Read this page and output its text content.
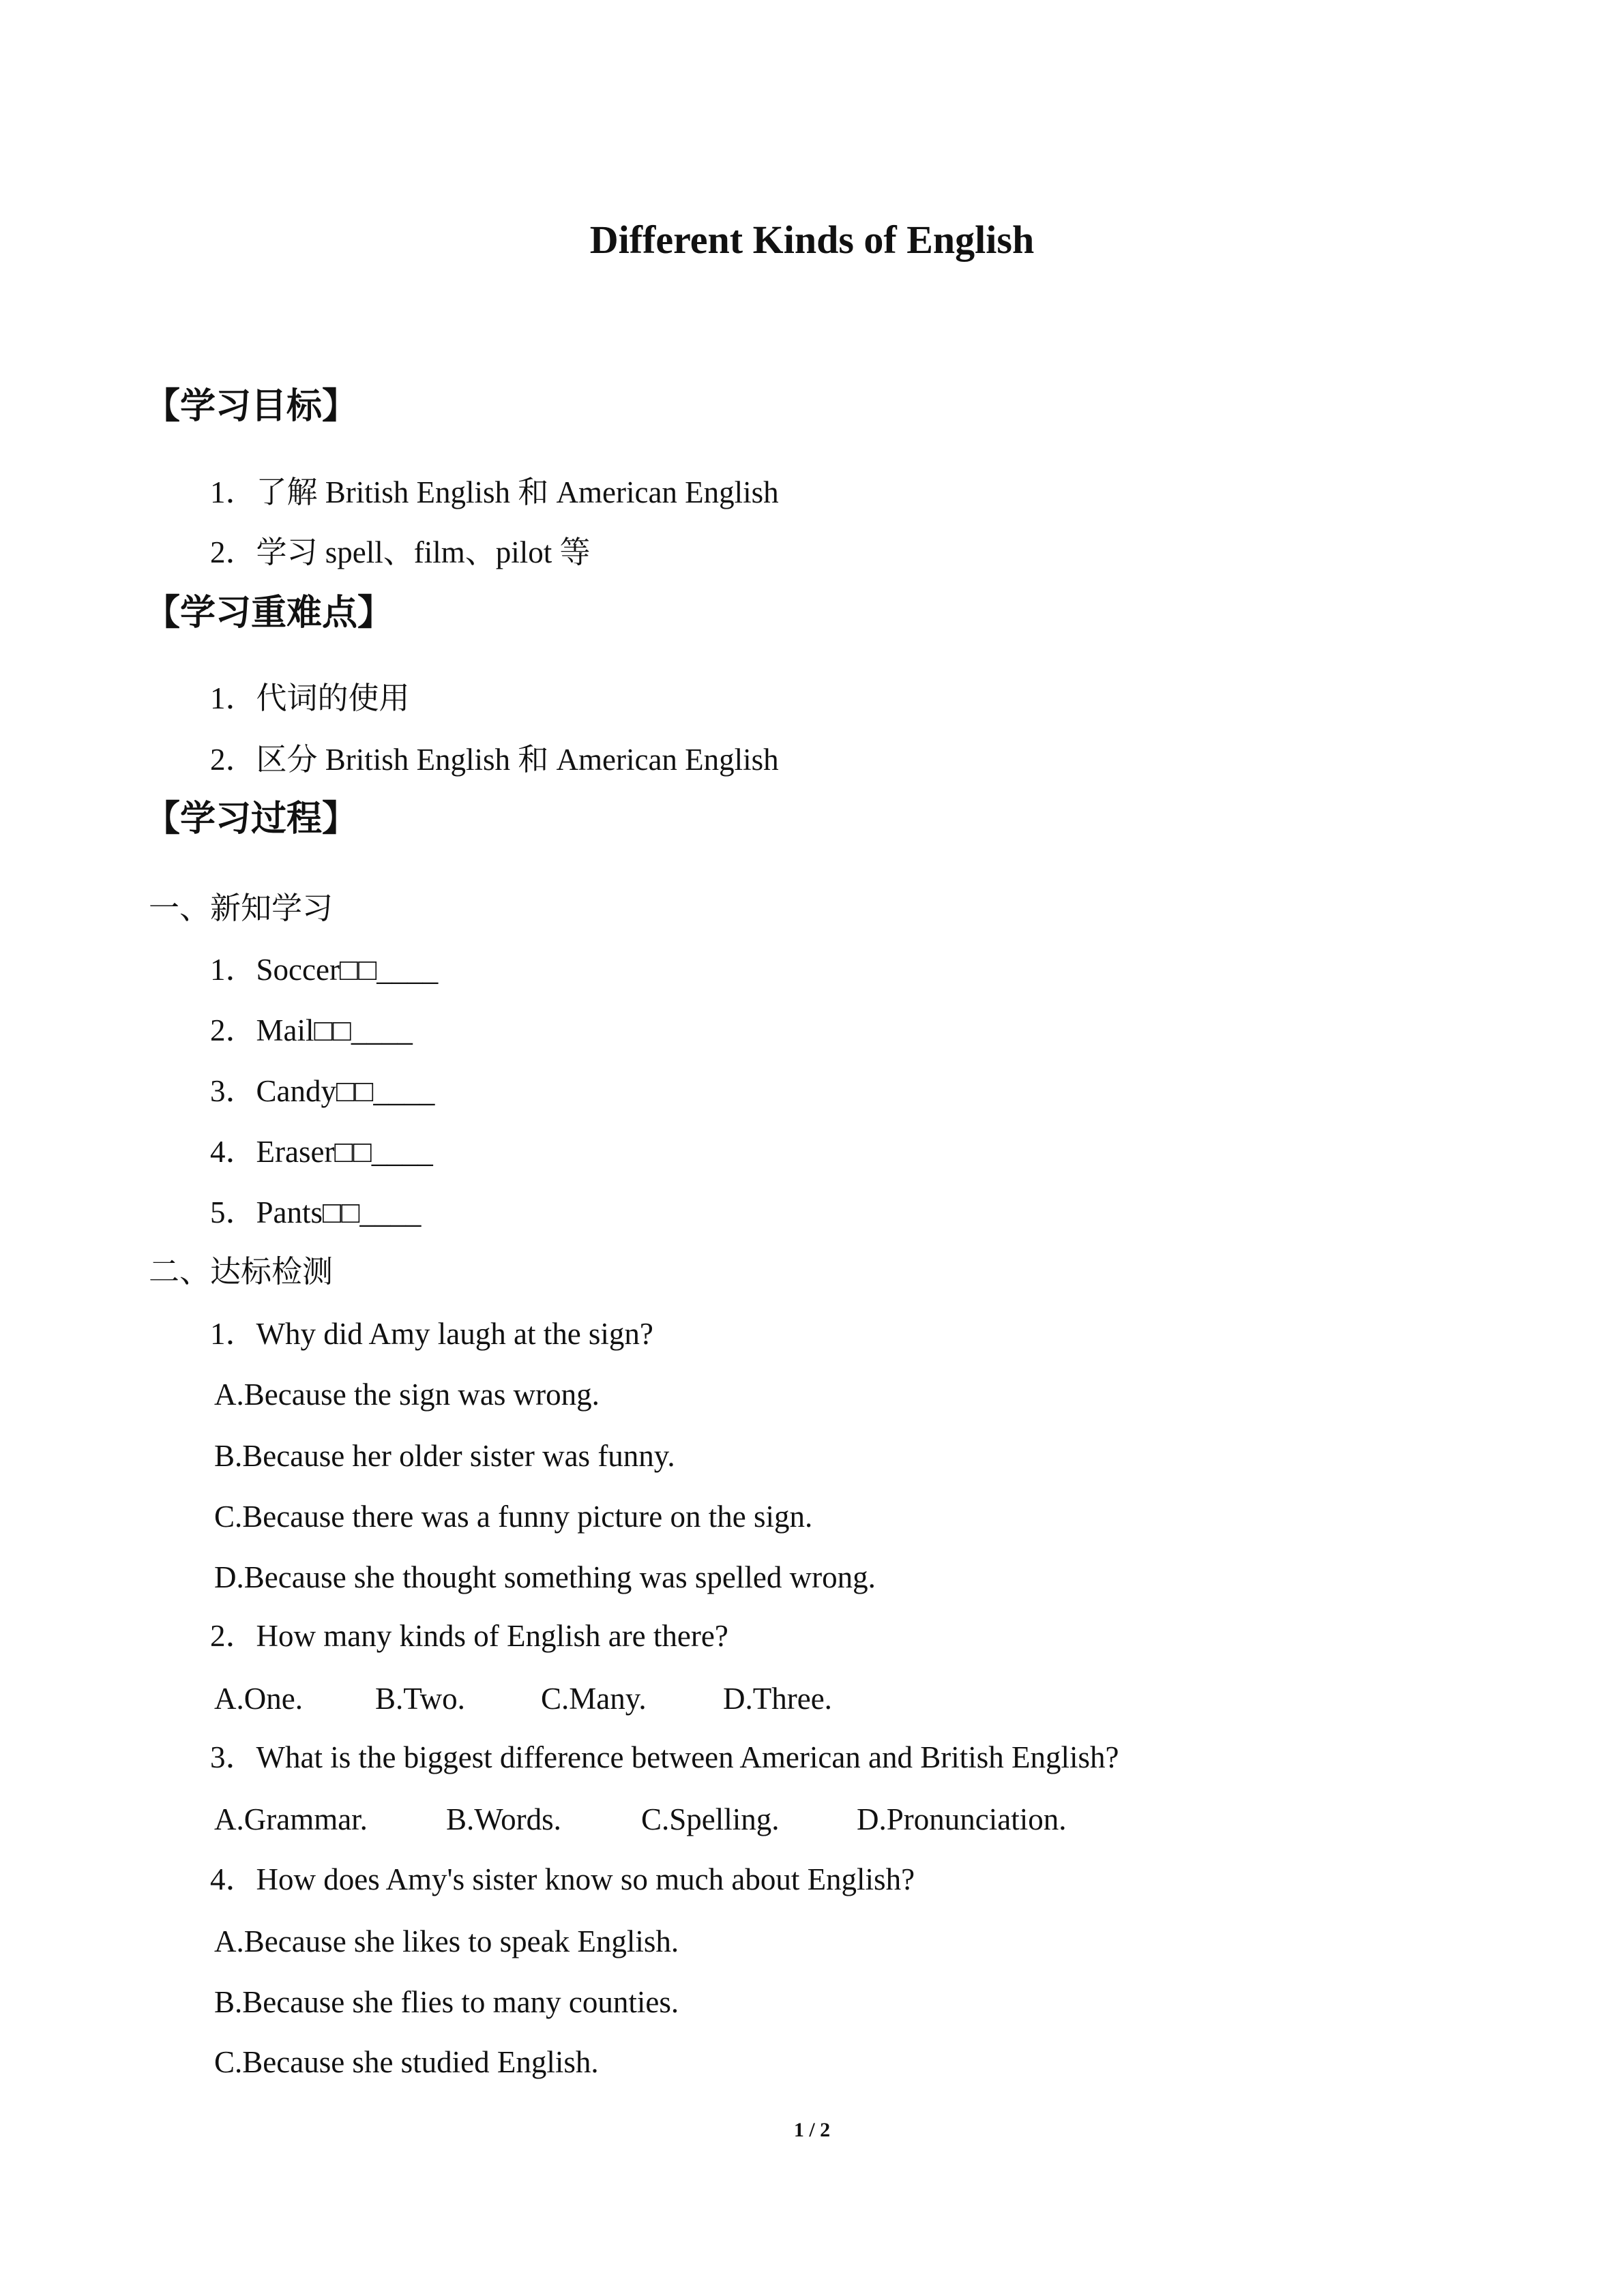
Different Kinds of English
【学习目标】
1．了解 British English 和 American English
2．学习 spell、film、pilot 等
【学习重难点】
1．代词的使用
2．区分 British English 和 American English
【学习过程】
一、新知学习
1．Soccer□□____
2．Mail□□____
3．Candy□□____
4．Eraser□□____
5．Pants□□____
二、达标检测
1．Why did Amy laugh at the sign?
A.Because the sign was wrong.
B.Because her older sister was funny.
C.Because there was a funny picture on the sign.
D.Because she thought something was spelled wrong.
2．How many kinds of English are there?
A.One.	B.Two.	C.Many.	D.Three.
3．What is the biggest difference between American and British English?
A.Grammar.	B.Words.	C.Spelling.	D.Pronunciation.
4．How does Amy's sister know so much about English?
A.Because she likes to speak English.
B.Because she flies to many counties.
C.Because she studied English.
1 / 2
